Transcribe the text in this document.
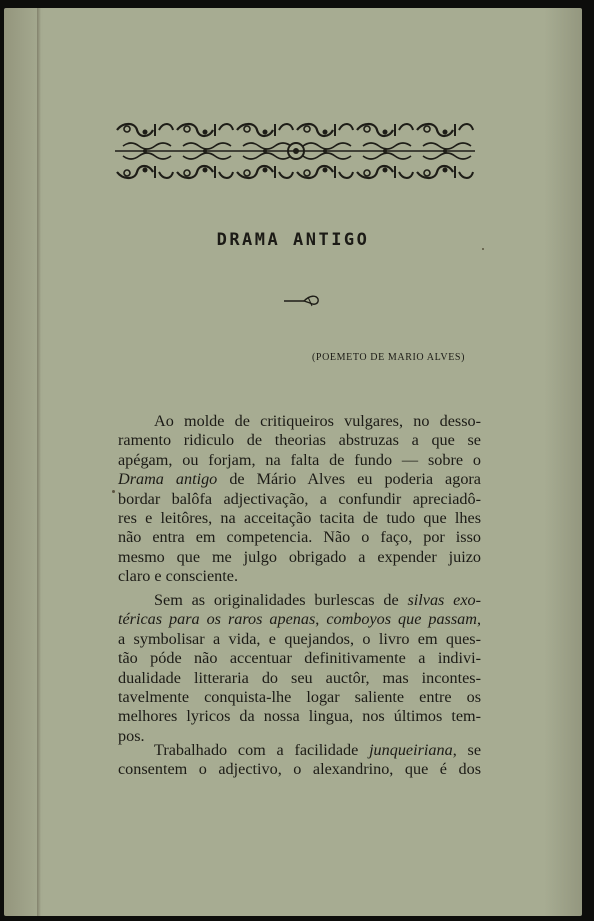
DRAMA ANTIGO
(POEMETO DE MARIO ALVES)
Ao molde de critiqueiros vulgares, no desso-
ramento ridiculo de theorias abstruzas a que se
apégam, ou forjam, na falta de fundo — sobre o
Drama antigo de Mário Alves eu poderia agora
bordar balôfa adjectivação, a confundir apreciadô-
res e leitôres, na acceitação tacita de tudo que lhes
não entra em competencia. Não o faço, por isso
mesmo que me julgo obrigado a expender juizo
claro e consciente.
Sem as originalidades burlescas de silvas exo-
téricas para os raros apenas, comboyos que passam,
a symbolisar a vida, e quejandos, o livro em ques-
tão póde não accentuar definitivamente a indivi-
dualidade litteraria do seu auctôr, mas incontes-
tavelmente conquista-lhe logar saliente entre os
melhores lyricos da nossa lingua, nos últimos tem-
pos.
Trabalhado com a facilidade junqueiriana, se
consentem o adjectivo, o alexandrino, que é dos
